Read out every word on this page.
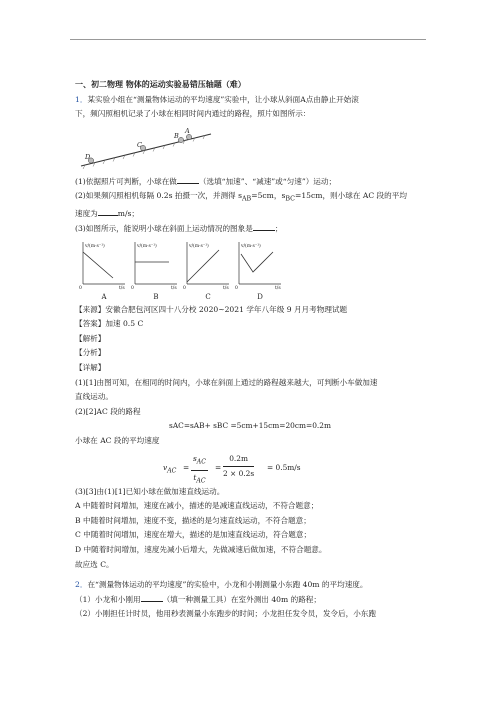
一、初二物理 物体的运动实验易错压轴题（难）
1．某实验小组在“测量物体运动的平均速度”实验中，让小球从斜面A点由静止开始滚
下，频闪照相机记录了小球在相同时间内通过的路程，照片如图所示：
A
B
C
D
(1)依据照片可判断，小球在做	（选填“加速”、“减速”或“匀速”）运动；
(2)如果频闪照相机每隔 0.2s 拍摄一次，并测得 $s_{AB}=5cm$，$s_{BC}=15cm$，则小球在 AC 段的平均
速度为	m/s；
(3)如图所示，能说明小球在斜面上运动情况的图象是	；
v/(m·s⁻¹)
0	t/s
A
v/(m·s⁻¹)
0	t/s
B
v/(m·s⁻¹)
0	t/s
C
v/(m·s⁻¹)
0	t/s
D
【来源】安徽合肥包河区四十八分校 2020~2021 学年八年级 9 月月考物理试题
【答案】加速 0.5 C
【解析】
【分析】
【详解】
(1)[1]由图可知，在相同的时间内，小球在斜面上通过的路程越来越大，可判断小车做加速
直线运动。
(2)[2]AC 段的路程
sAC=sAB+ sBC =5cm+15cm=20cm=0.2m
小球在 AC 段的平均速度
$v_{AC}$ =
$s_{AC}$
$t_{AC}$
= $\frac{0.2m}{2 \times 0.2s} = 0.5m/s$
(3)[3]由(1)[1]已知小球在做加速直线运动。
A 中随着时间增加，速度在减小，描述的是减速直线运动，不符合题意；
B 中随着时间增加，速度不变，描述的是匀速直线运动，不符合题意；
C 中随着时间增加，速度在增大，描述的是加速直线运动，符合题意；
D 中随着时间增加，速度先减小后增大，先做减速后做加速，不符合题意。
故应选 C。
2．在“测量物体运动的平均速度”的实验中，小龙和小刚测量小东跑 40m 的平均速度。
（1）小龙和小刚用	（填一种测量工具）在室外测出 40m 的路程；
（2）小刚担任计时员，他用秒表测量小东跑步的时间；小龙担任发令员，发令后，小东跑
